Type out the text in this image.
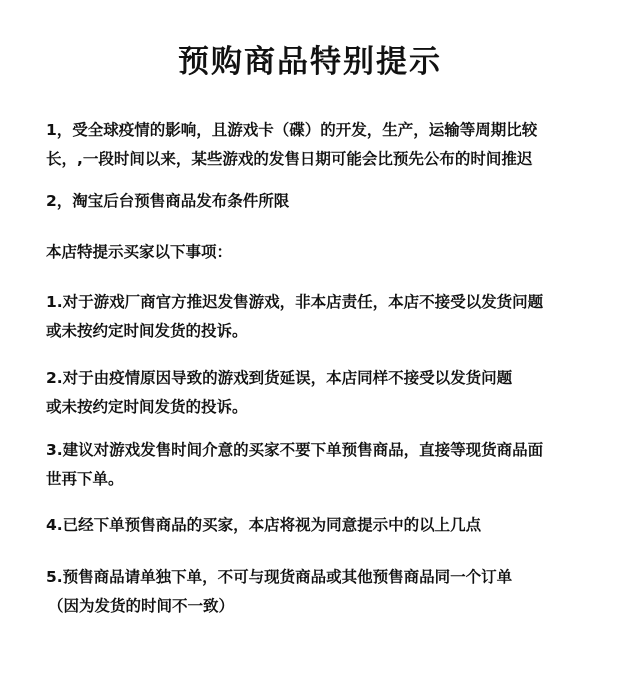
预购商品特别提示

1，受全球疫情的影响，且游戏卡（碟）的开发，生产，运输等周期比较
长，,一段时间以来，某些游戏的发售日期可能会比预先公布的时间推迟

2，淘宝后台预售商品发布条件所限

本店特提示买家以下事项：

1.对于游戏厂商官方推迟发售游戏，非本店责任，本店不接受以发货问题
或未按约定时间发货的投诉。

2.对于由疫情原因导致的游戏到货延误，本店同样不接受以发货问题
或未按约定时间发货的投诉。

3.建议对游戏发售时间介意的买家不要下单预售商品，直接等现货商品面
世再下单。

4.已经下单预售商品的买家，本店将视为同意提示中的以上几点

5.预售商品请单独下单，不可与现货商品或其他预售商品同一个订单
（因为发货的时间不一致）
